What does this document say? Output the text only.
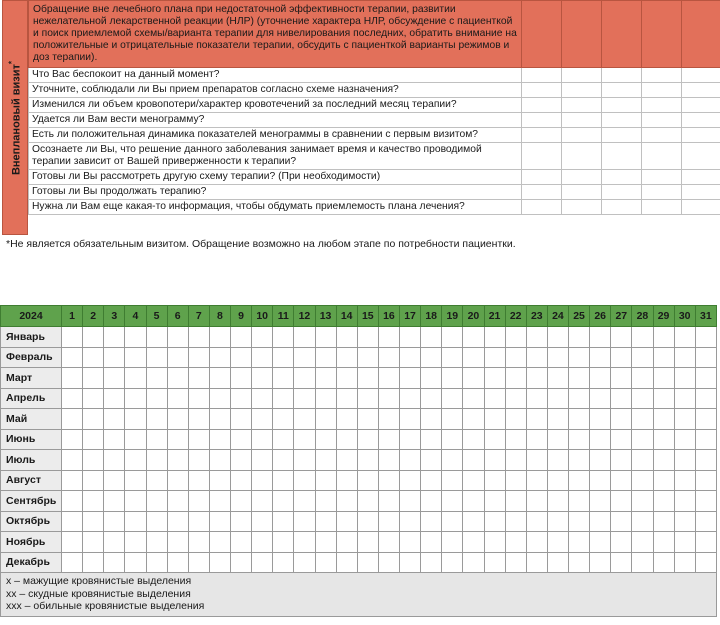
Внеплановый визит*
Обращение вне лечебного плана при недостаточной эффективности терапии, развитии нежелательной лекарственной реакции (НЛР) (уточнение характера НЛР, обсуждение с пациенткой и поиск приемлемой схемы/варианта терапии для нивелирования последних, обратить внимание на положительные и отрицательные показатели терапии, обсудить с пациенткой варианты режимов и доз терапии).						
Что Вас беспокоит на данный момент?						
Уточните, соблюдали ли Вы прием препаратов согласно схеме назначения?						
Изменился ли объем кровопотери/характер кровотечений за последний месяц терапии?						
Удается ли Вам вести менограмму?						
Есть ли положительная динамика показателей менограммы в сравнении с первым визитом?						
Осознаете ли Вы, что решение данного заболевания занимает время и качество проводимой терапии зависит от Вашей приверженности к терапии?						
Готовы ли Вы рассмотреть другую схему терапии? (При необходимости)						
Готовы ли Вы продолжать терапию?						
Нужна ли Вам еще какая-то информация, чтобы обдумать приемлемость плана лечения?						
*Не является обязательным визитом. Обращение возможно на любом этапе по потребности пациентки.
2024	1	2	3	4	5	6	7	8	9	10	11	12	13	14	15	16	17	18	19	20	21	22	23	24	25	26	27	28	29	30	31
Январь																															
Февраль																															
Март																															
Апрель																															
Май																															
Июнь																															
Июль																															
Август																															
Сентябрь																															
Октябрь																															
Ноябрь																															
Декабрь																															
х – мажущие кровянистые выделения
хх – скудные кровянистые выделения
ххх – обильные кровянистые выделения
